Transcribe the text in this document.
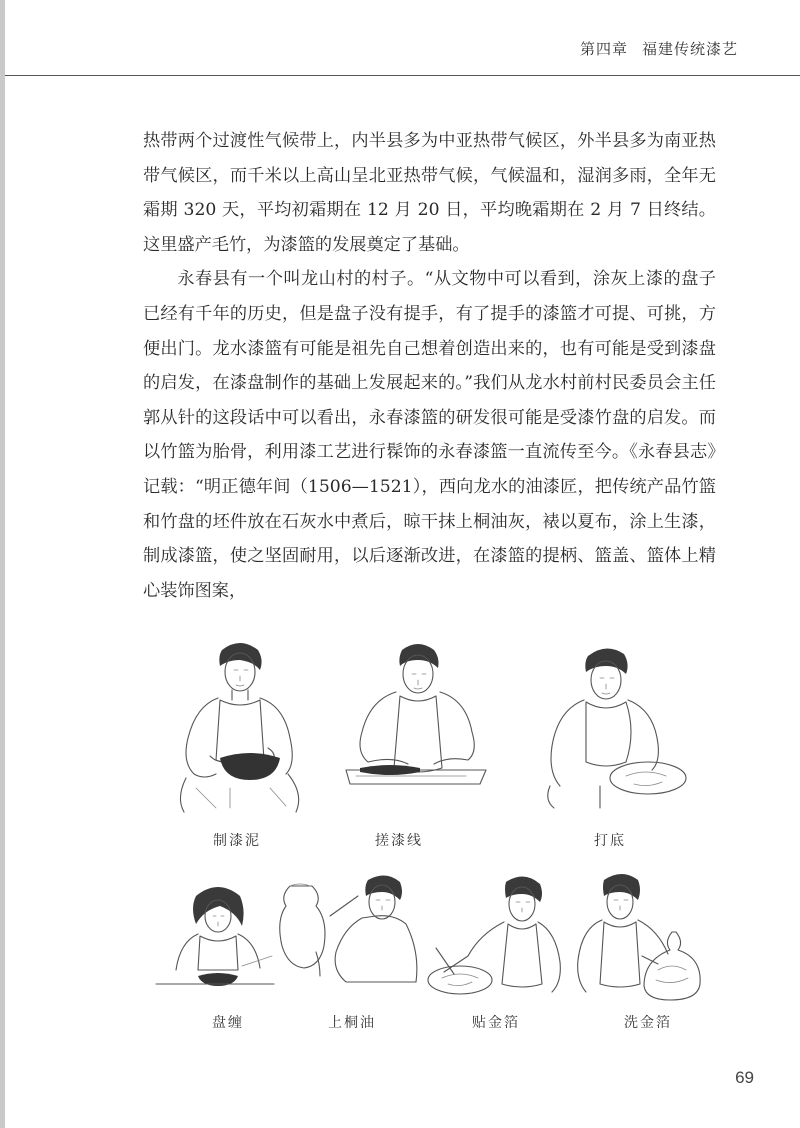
第四章 福建传统漆艺

热带两个过渡性气候带上，内半县多为中亚热带气候区，外半县多为南亚热带气候区，而千米以上高山呈北亚热带气候，气候温和，湿润多雨，全年无霜期 320 天，平均初霜期在 12 月 20 日，平均晚霜期在 2 月 7 日终结。这里盛产毛竹，为漆篮的发展奠定了基础。

永春县有一个叫龙山村的村子。“从文物中可以看到，涂灰上漆的盘子已经有千年的历史，但是盘子没有提手，有了提手的漆篮才可提、可挑，方便出门。龙水漆篮有可能是祖先自己想着创造出来的，也有可能是受到漆盘的启发，在漆盘制作的基础上发展起来的。”我们从龙水村前村民委员会主任郭从针的这段话中可以看出，永春漆篮的研发很可能是受漆竹盘的启发。而以竹篮为胎骨，利用漆工艺进行髹饰的永春漆篮一直流传至今。《永春县志》记载：“明正德年间（1506—1521），西向龙水的油漆匠，把传统产品竹篮和竹盘的坯件放在石灰水中煮后，晾干抹上桐油灰，裱以夏布，涂上生漆，制成漆篮，使之坚固耐用，以后逐渐改进，在漆篮的提柄、篮盖、篮体上精心装饰图案，

制漆泥	搓漆线	打底
盘缠	上桐油	贴金箔	洗金箔
69
